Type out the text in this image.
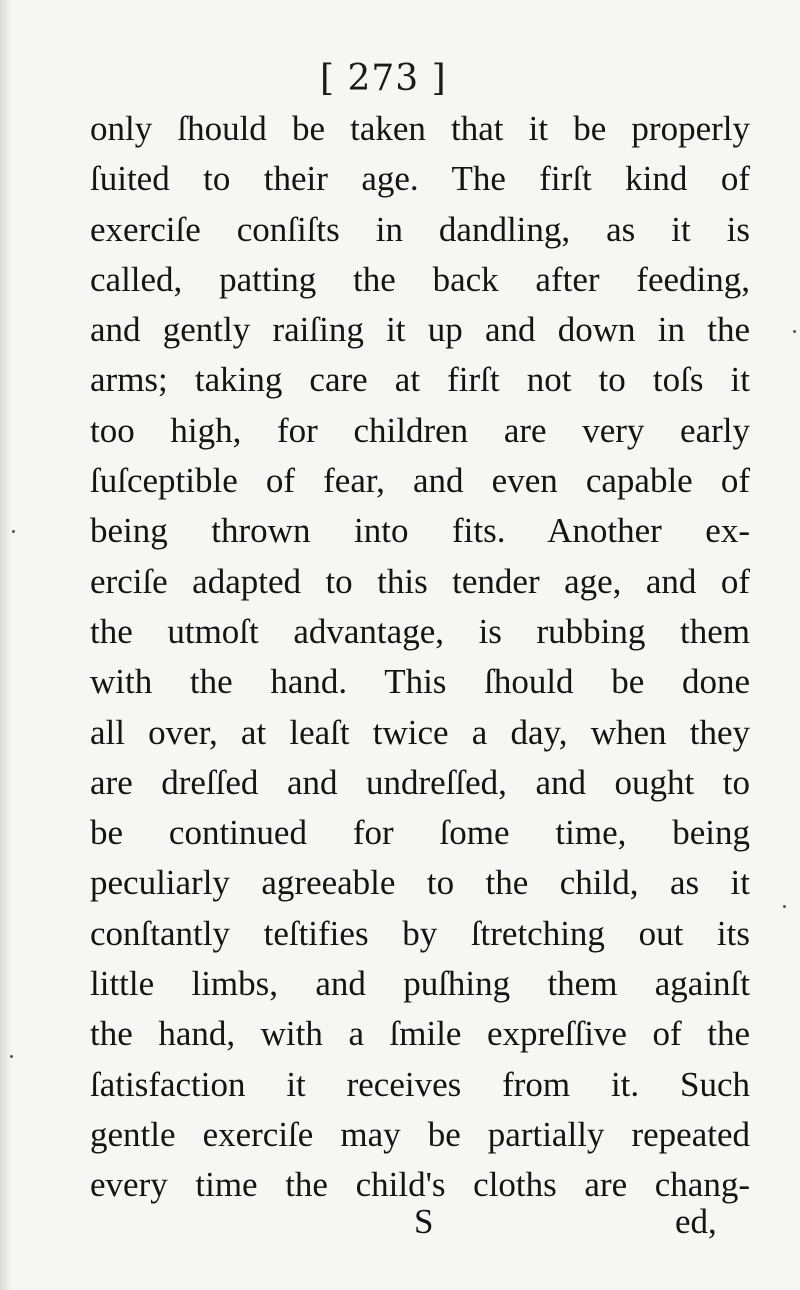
[ 273 ]
only ſhould be taken that it be properly
ſuited to their age. The firſt kind of
exerciſe conſiſts in dandling, as it is
called, patting the back after feeding,
and gently raiſing it up and down in the
arms; taking care at firſt not to toſs it
too high, for children are very early
ſuſceptible of fear, and even capable of
being thrown into fits. Another ex-
erciſe adapted to this tender age, and of
the utmoſt advantage, is rubbing them
with the hand. This ſhould be done
all over, at leaſt twice a day, when they
are dreſſed and undreſſed, and ought to
be continued for ſome time, being
peculiarly agreeable to the child, as it
conſtantly teſtifies by ſtretching out its
little limbs, and puſhing them againſt
the hand, with a ſmile expreſſive of the
ſatisfaction it receives from it. Such
gentle exerciſe may be partially repeated
every time the child's cloths are chang-
S	ed,
